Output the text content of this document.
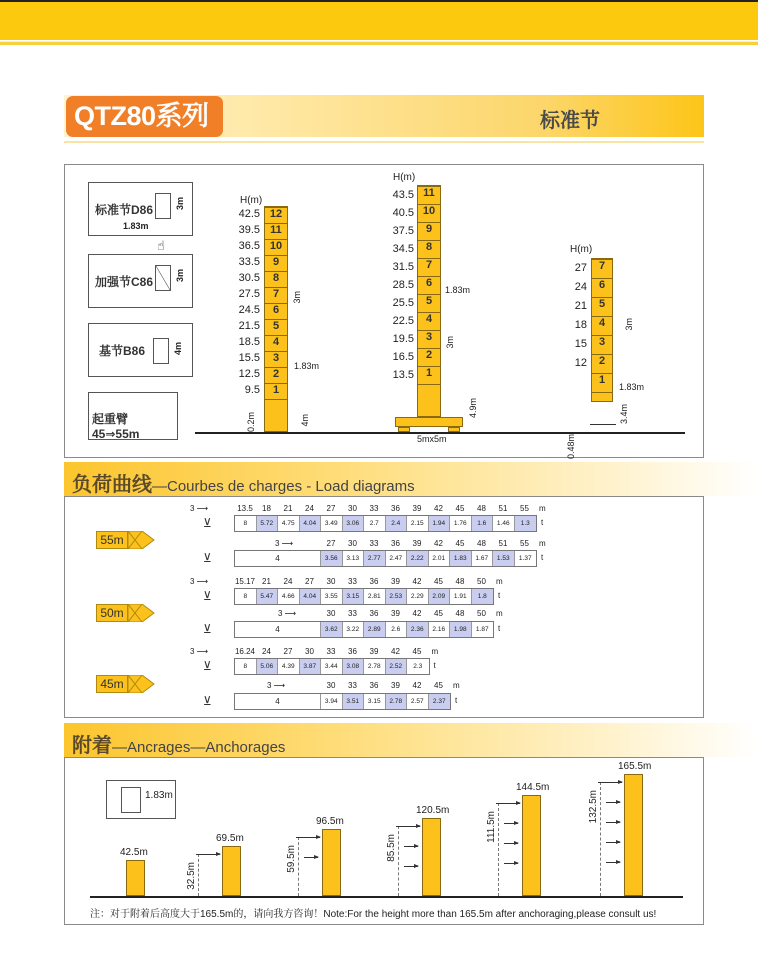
QTZ80系列	标准节
标准节D86 3m
1.83m
☝
加强节C86 3m
基节B86	4m
起重臂 45⇒55m
H(m)
12
11
10
9
8
7
6
5
4
3
2
1
42.5
39.5
36.5
33.5
30.5
27.5
24.5
21.5
18.5
15.5
12.5
9.5
3m
1.83m
4m
0.2m
H(m)
11
10
9
8
7
6
5
4
3
2
1
43.5
40.5
37.5
34.5
31.5
28.5
25.5
22.5
19.5
16.5
13.5
1.83m
3m
4.9m
5mx5m
H(m)
7
6
5
4
3
2
1
27
24
21
18
15
12
3m
1.83m
3.4m
0.48m
负荷曲线—Courbes de charges - Load diagrams
55m
50m
45m
3 ⟶
⊻
13.5	18	21	24	27	30	33	36	39	42	45	48	51	55	m
t
8	5.72	4.75	4.04	3.49	3.06	2.7	2.4	2.15	1.94	1.76	1.6	1.46	1.3
3 ⟶
⊻
27	30	33	36	39	42	45	48	51	55	m
t
4	3.56	3.13	2.77	2.47	2.22	2.01	1.83	1.67	1.53	1.37
3 ⟶
⊻
15.17 21	24	27	30	33	36	39	42	45	48	50	m
t
8	5.47	4.66	4.04	3.55	3.15	2.81	2.53	2.29	2.09	1.91	1.8
3 ⟶
⊻
30	33	36	39	42	45	48	50	m
t
4	3.62	3.22	2.89	2.6	2.36	2.16	1.98	1.87
3 ⟶
⊻
16.24 24	27	30	33	36	39	42	45	m
t
8	5.06	4.39	3.87	3.44	3.08	2.78	2.52	2.3
3 ⟶
⊻
30	33	36	39	42	45	m
t
4	3.94	3.51	3.15	2.78	2.57	2.37
附着—Ancrages—Anchorages
1.83m
42.5m
69.5m
32.5m
96.5m
59.5m
120.5m
85.5m
144.5m
111.5m
165.5m
132.5m
注：对于附着后高度大于165.5m的，请向我方咨询！Note:For the height more than 165.5m after anchoraging,please consult us!
